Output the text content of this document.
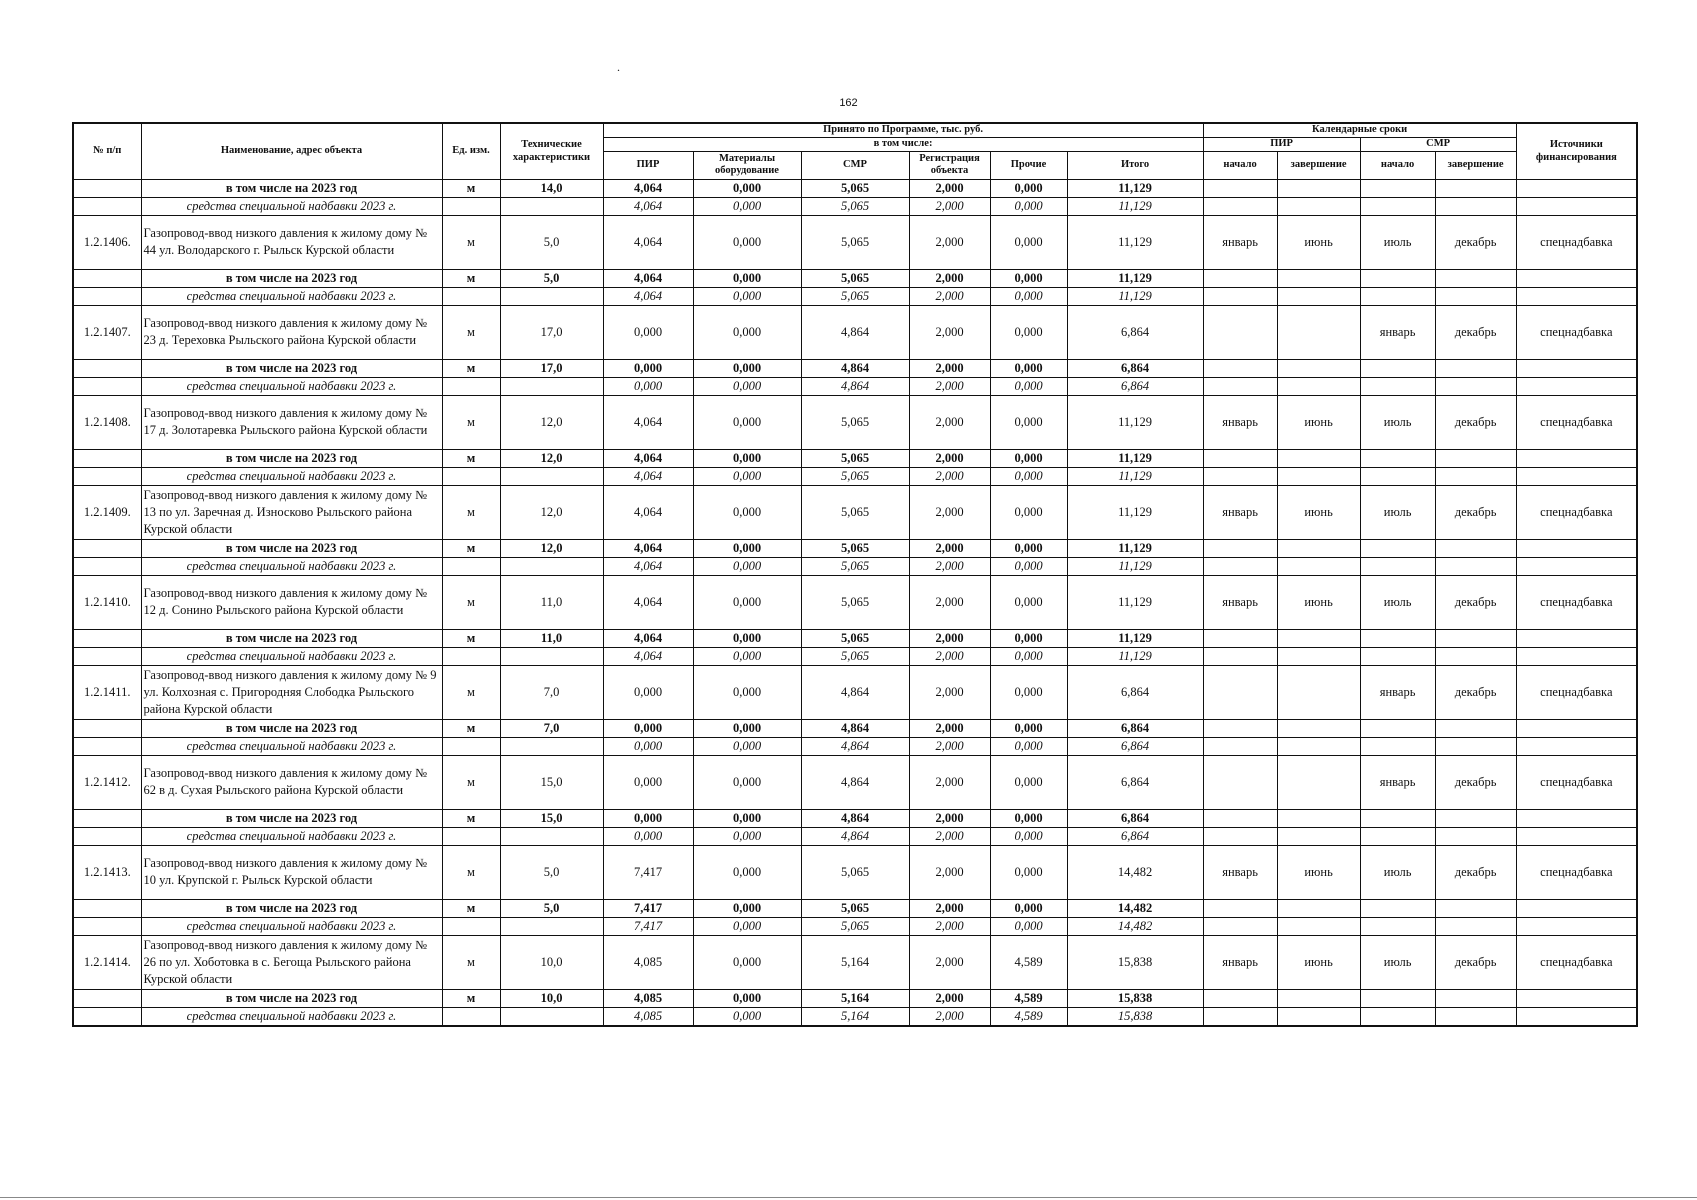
.
162
№ п/п	Наименование, адрес объекта	Ед. изм.	Технические характеристики	Принято по Программе, тыс. руб.						Календарные сроки				Источники финансирования
				в том числе:						ПИР		СМР		
				ПИР	Материалы оборудование	СМР	Регистрация объекта	Прочие	Итого	начало	завершение	начало	завершение	
	в том числе на 2023 год	м	14,0	4,064	0,000	5,065	2,000	0,000	11,129					
	средства специальной надбавки 2023 г.			4,064	0,000	5,065	2,000	0,000	11,129					
1.2.1406.	Газопровод-ввод низкого давления к жилому дому № 44 ул. Володарского г. Рыльск Курской области	м	5,0	4,064	0,000	5,065	2,000	0,000	11,129	январь	июнь	июль	декабрь	спецнадбавка
	в том числе на 2023 год	м	5,0	4,064	0,000	5,065	2,000	0,000	11,129					
	средства специальной надбавки 2023 г.			4,064	0,000	5,065	2,000	0,000	11,129					
1.2.1407.	Газопровод-ввод низкого давления к жилому дому № 23 д. Тереховка Рыльского района Курской области	м	17,0	0,000	0,000	4,864	2,000	0,000	6,864			январь	декабрь	спецнадбавка
	в том числе на 2023 год	м	17,0	0,000	0,000	4,864	2,000	0,000	6,864					
	средства специальной надбавки 2023 г.			0,000	0,000	4,864	2,000	0,000	6,864					
1.2.1408.	Газопровод-ввод низкого давления к жилому дому № 17 д. Золотаревка Рыльского района Курской области	м	12,0	4,064	0,000	5,065	2,000	0,000	11,129	январь	июнь	июль	декабрь	спецнадбавка
	в том числе на 2023 год	м	12,0	4,064	0,000	5,065	2,000	0,000	11,129					
	средства специальной надбавки 2023 г.			4,064	0,000	5,065	2,000	0,000	11,129					
1.2.1409.	Газопровод-ввод низкого давления к жилому дому № 13 по ул. Заречная д. Износково Рыльского района Курской области	м	12,0	4,064	0,000	5,065	2,000	0,000	11,129	январь	июнь	июль	декабрь	спецнадбавка
	в том числе на 2023 год	м	12,0	4,064	0,000	5,065	2,000	0,000	11,129					
	средства специальной надбавки 2023 г.			4,064	0,000	5,065	2,000	0,000	11,129					
1.2.1410.	Газопровод-ввод низкого давления к жилому дому № 12 д. Сонино Рыльского района Курской области	м	11,0	4,064	0,000	5,065	2,000	0,000	11,129	январь	июнь	июль	декабрь	спецнадбавка
	в том числе на 2023 год	м	11,0	4,064	0,000	5,065	2,000	0,000	11,129					
	средства специальной надбавки 2023 г.			4,064	0,000	5,065	2,000	0,000	11,129					
1.2.1411.	Газопровод-ввод низкого давления к жилому дому № 9 ул. Колхозная с. Пригородняя Слободка Рыльского района Курской области	м	7,0	0,000	0,000	4,864	2,000	0,000	6,864			январь	декабрь	спецнадбавка
	в том числе на 2023 год	м	7,0	0,000	0,000	4,864	2,000	0,000	6,864					
	средства специальной надбавки 2023 г.			0,000	0,000	4,864	2,000	0,000	6,864					
1.2.1412.	Газопровод-ввод низкого давления к жилому дому № 62 в д. Сухая Рыльского района Курской области	м	15,0	0,000	0,000	4,864	2,000	0,000	6,864			январь	декабрь	спецнадбавка
	в том числе на 2023 год	м	15,0	0,000	0,000	4,864	2,000	0,000	6,864					
	средства специальной надбавки 2023 г.			0,000	0,000	4,864	2,000	0,000	6,864					
1.2.1413.	Газопровод-ввод низкого давления к жилому дому № 10 ул. Крупской г. Рыльск Курской области	м	5,0	7,417	0,000	5,065	2,000	0,000	14,482	январь	июнь	июль	декабрь	спецнадбавка
	в том числе на 2023 год	м	5,0	7,417	0,000	5,065	2,000	0,000	14,482					
	средства специальной надбавки 2023 г.			7,417	0,000	5,065	2,000	0,000	14,482					
1.2.1414.	Газопровод-ввод низкого давления к жилому дому № 26 по ул. Хоботовка в с. Бегоща Рыльского района Курской области	м	10,0	4,085	0,000	5,164	2,000	4,589	15,838	январь	июнь	июль	декабрь	спецнадбавка
	в том числе на 2023 год	м	10,0	4,085	0,000	5,164	2,000	4,589	15,838					
	средства специальной надбавки 2023 г.			4,085	0,000	5,164	2,000	4,589	15,838					
